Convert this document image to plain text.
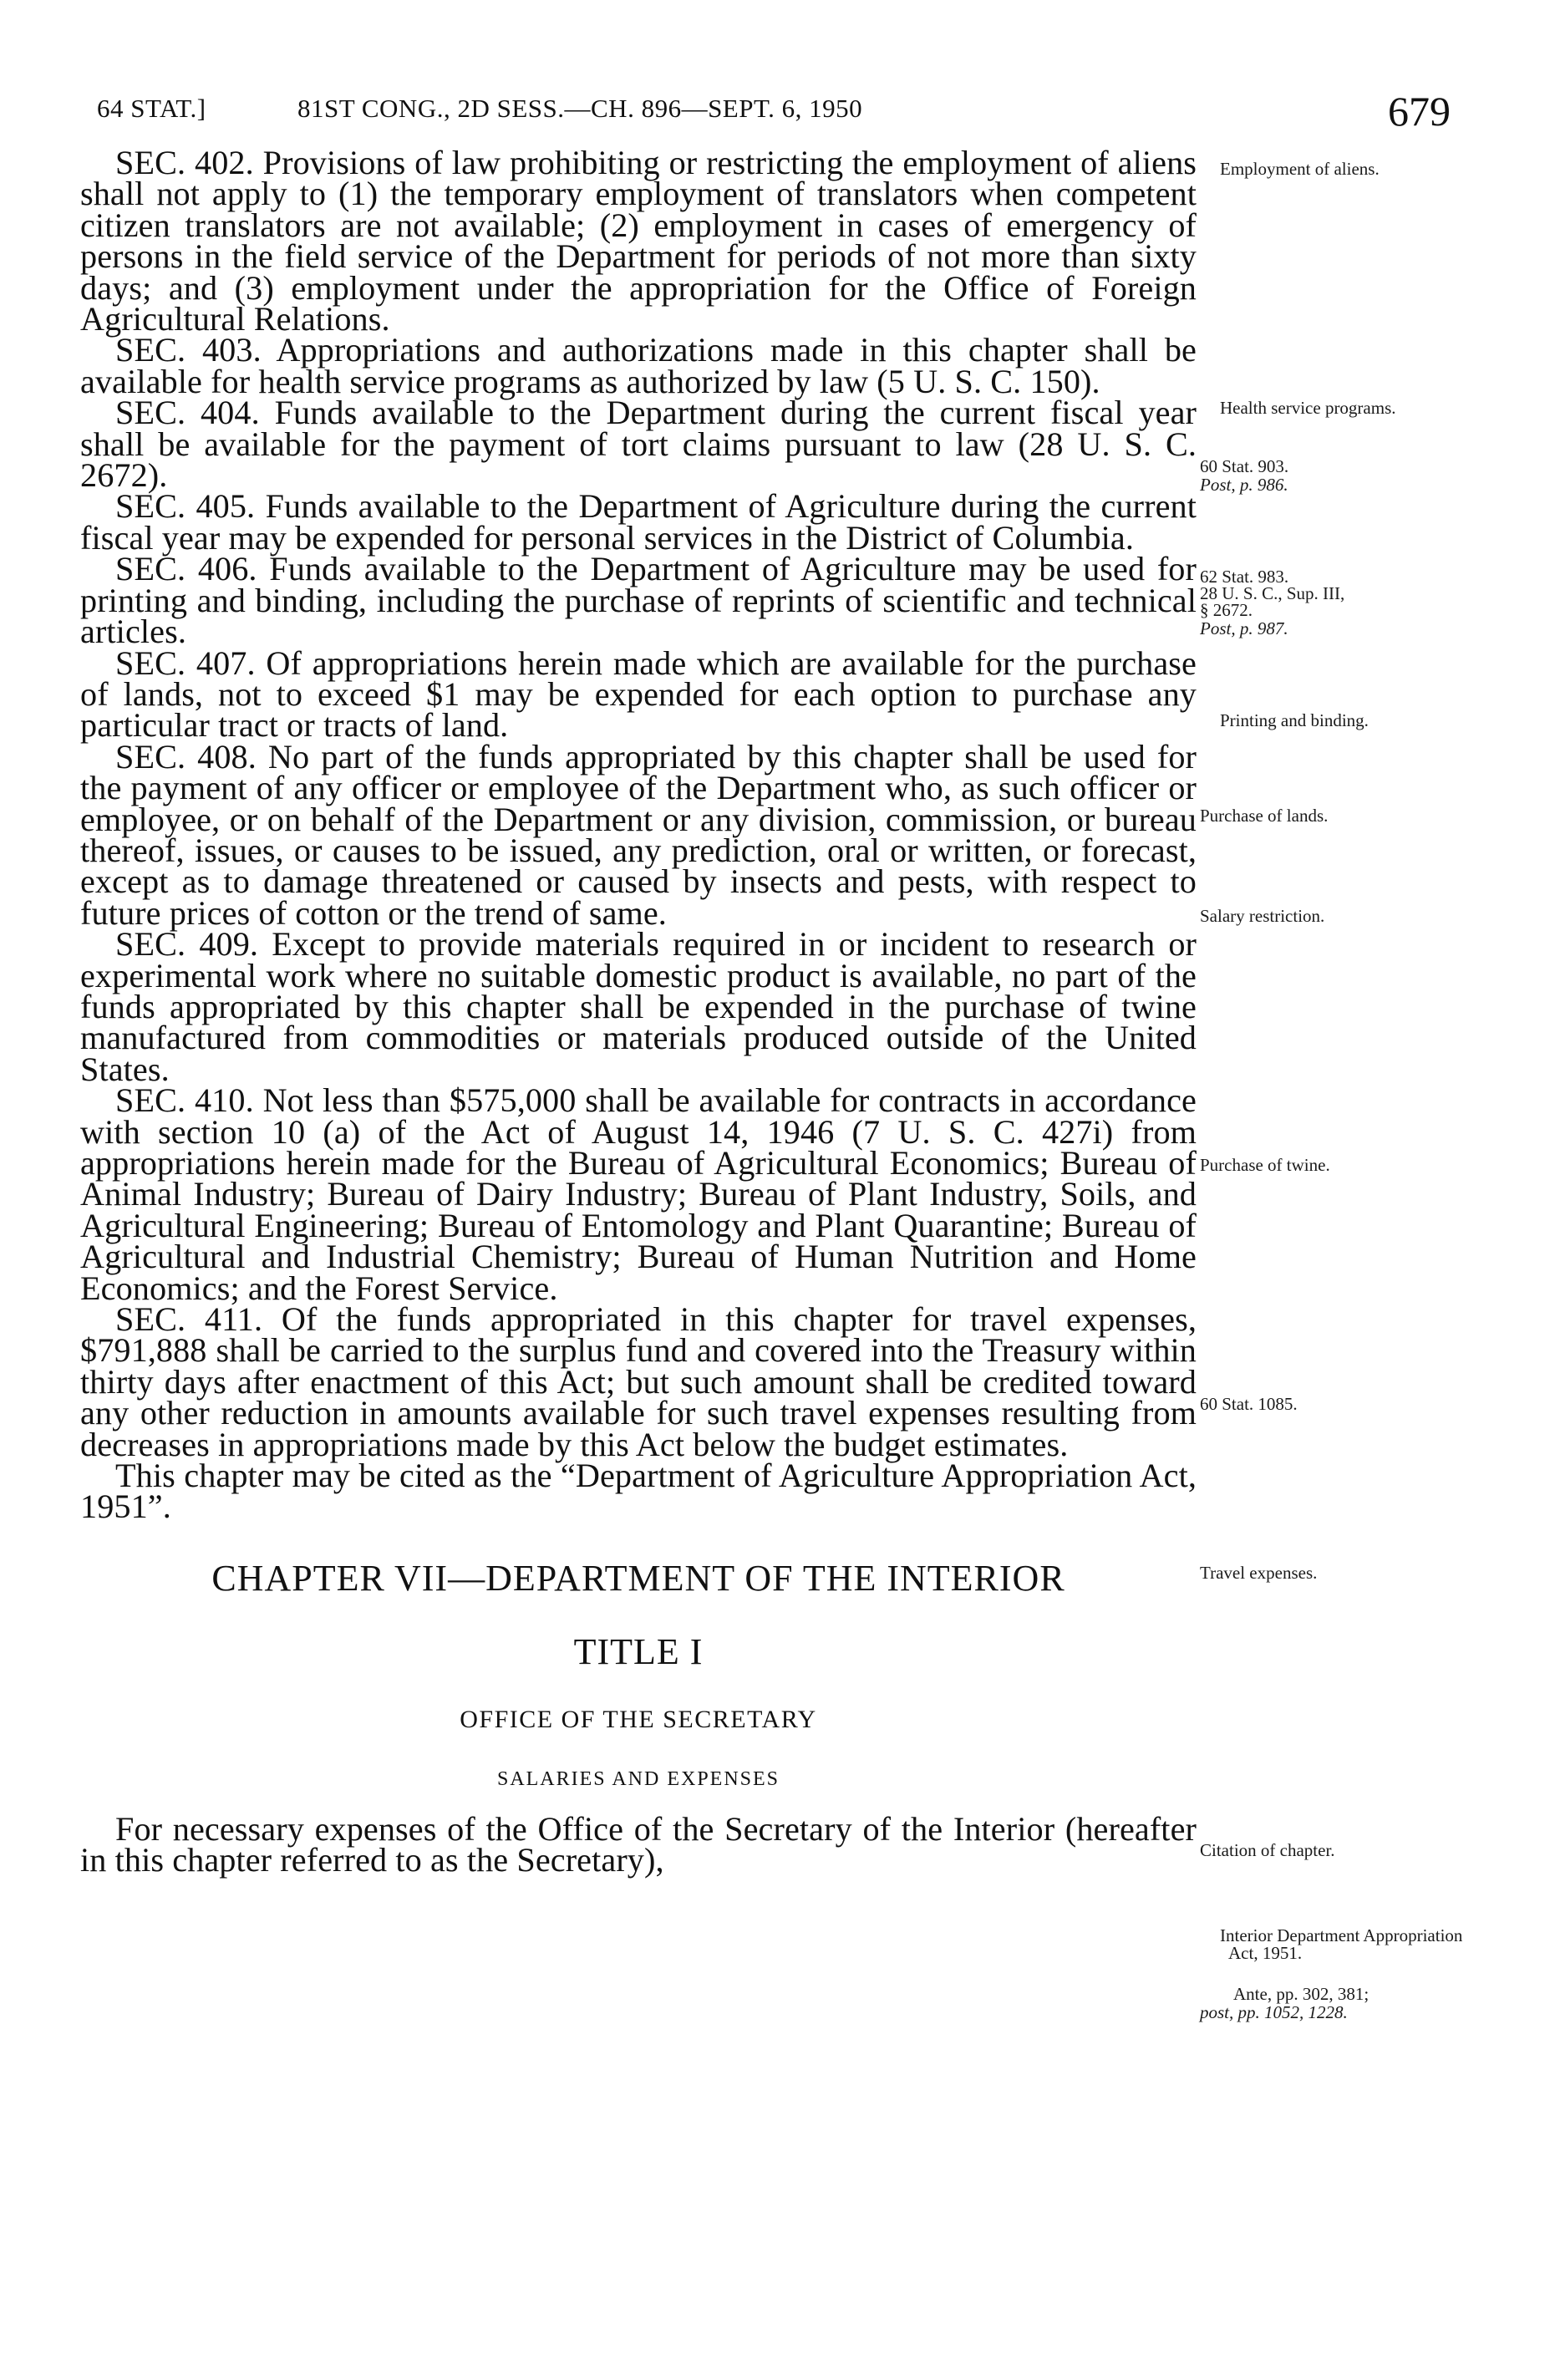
64 STAT.]	81ST CONG., 2D SESS.—CH. 896—SEPT. 6, 1950	679

SEC. 402. Provisions of law prohibiting or restricting the employment of aliens shall not apply to (1) the temporary employment of translators when competent citizen translators are not available; (2) employment in cases of emergency of persons in the field service of the Department for periods of not more than sixty days; and (3) employment under the appropriation for the Office of Foreign Agricultural Relations.

SEC. 403. Appropriations and authorizations made in this chapter shall be available for health service programs as authorized by law (5 U. S. C. 150).

SEC. 404. Funds available to the Department during the current fiscal year shall be available for the payment of tort claims pursuant to law (28 U. S. C. 2672).

SEC. 405. Funds available to the Department of Agriculture during the current fiscal year may be expended for personal services in the District of Columbia.

SEC. 406. Funds available to the Department of Agriculture may be used for printing and binding, including the purchase of reprints of scientific and technical articles.

SEC. 407. Of appropriations herein made which are available for the purchase of lands, not to exceed $1 may be expended for each option to purchase any particular tract or tracts of land.

SEC. 408. No part of the funds appropriated by this chapter shall be used for the payment of any officer or employee of the Department who, as such officer or employee, or on behalf of the Department or any division, commission, or bureau thereof, issues, or causes to be issued, any prediction, oral or written, or forecast, except as to damage threatened or caused by insects and pests, with respect to future prices of cotton or the trend of same.

SEC. 409. Except to provide materials required in or incident to research or experimental work where no suitable domestic product is available, no part of the funds appropriated by this chapter shall be expended in the purchase of twine manufactured from commodities or materials produced outside of the United States.

SEC. 410. Not less than $575,000 shall be available for contracts in accordance with section 10 (a) of the Act of August 14, 1946 (7 U. S. C. 427i) from appropriations herein made for the Bureau of Agricultural Economics; Bureau of Animal Industry; Bureau of Dairy Industry; Bureau of Plant Industry, Soils, and Agricultural Engineering; Bureau of Entomology and Plant Quarantine; Bureau of Agricultural and Industrial Chemistry; Bureau of Human Nutrition and Home Economics; and the Forest Service.

SEC. 411. Of the funds appropriated in this chapter for travel expenses, $791,888 shall be carried to the surplus fund and covered into the Treasury within thirty days after enactment of this Act; but such amount shall be credited toward any other reduction in amounts available for such travel expenses resulting from decreases in appropriations made by this Act below the budget estimates.

This chapter may be cited as the “Department of Agriculture Appropriation Act, 1951”.

CHAPTER VII—DEPARTMENT OF THE INTERIOR
TITLE I
OFFICE OF THE SECRETARY
SALARIES AND EXPENSES

For necessary expenses of the Office of the Secretary of the Interior (hereafter in this chapter referred to as the Secretary),

Employment of aliens.
Health service programs.
60 Stat. 903.
Post, p. 986.
62 Stat. 983.
28 U. S. C., Sup. III,
§ 2672.
Post, p. 987.
Printing and binding.
Purchase of lands.
Salary restriction.
Purchase of twine.
60 Stat. 1085.
Travel expenses.
Citation of chapter.
Interior Department Appropriation Act, 1951.
Ante, pp. 302, 381;
post, pp. 1052, 1228.
